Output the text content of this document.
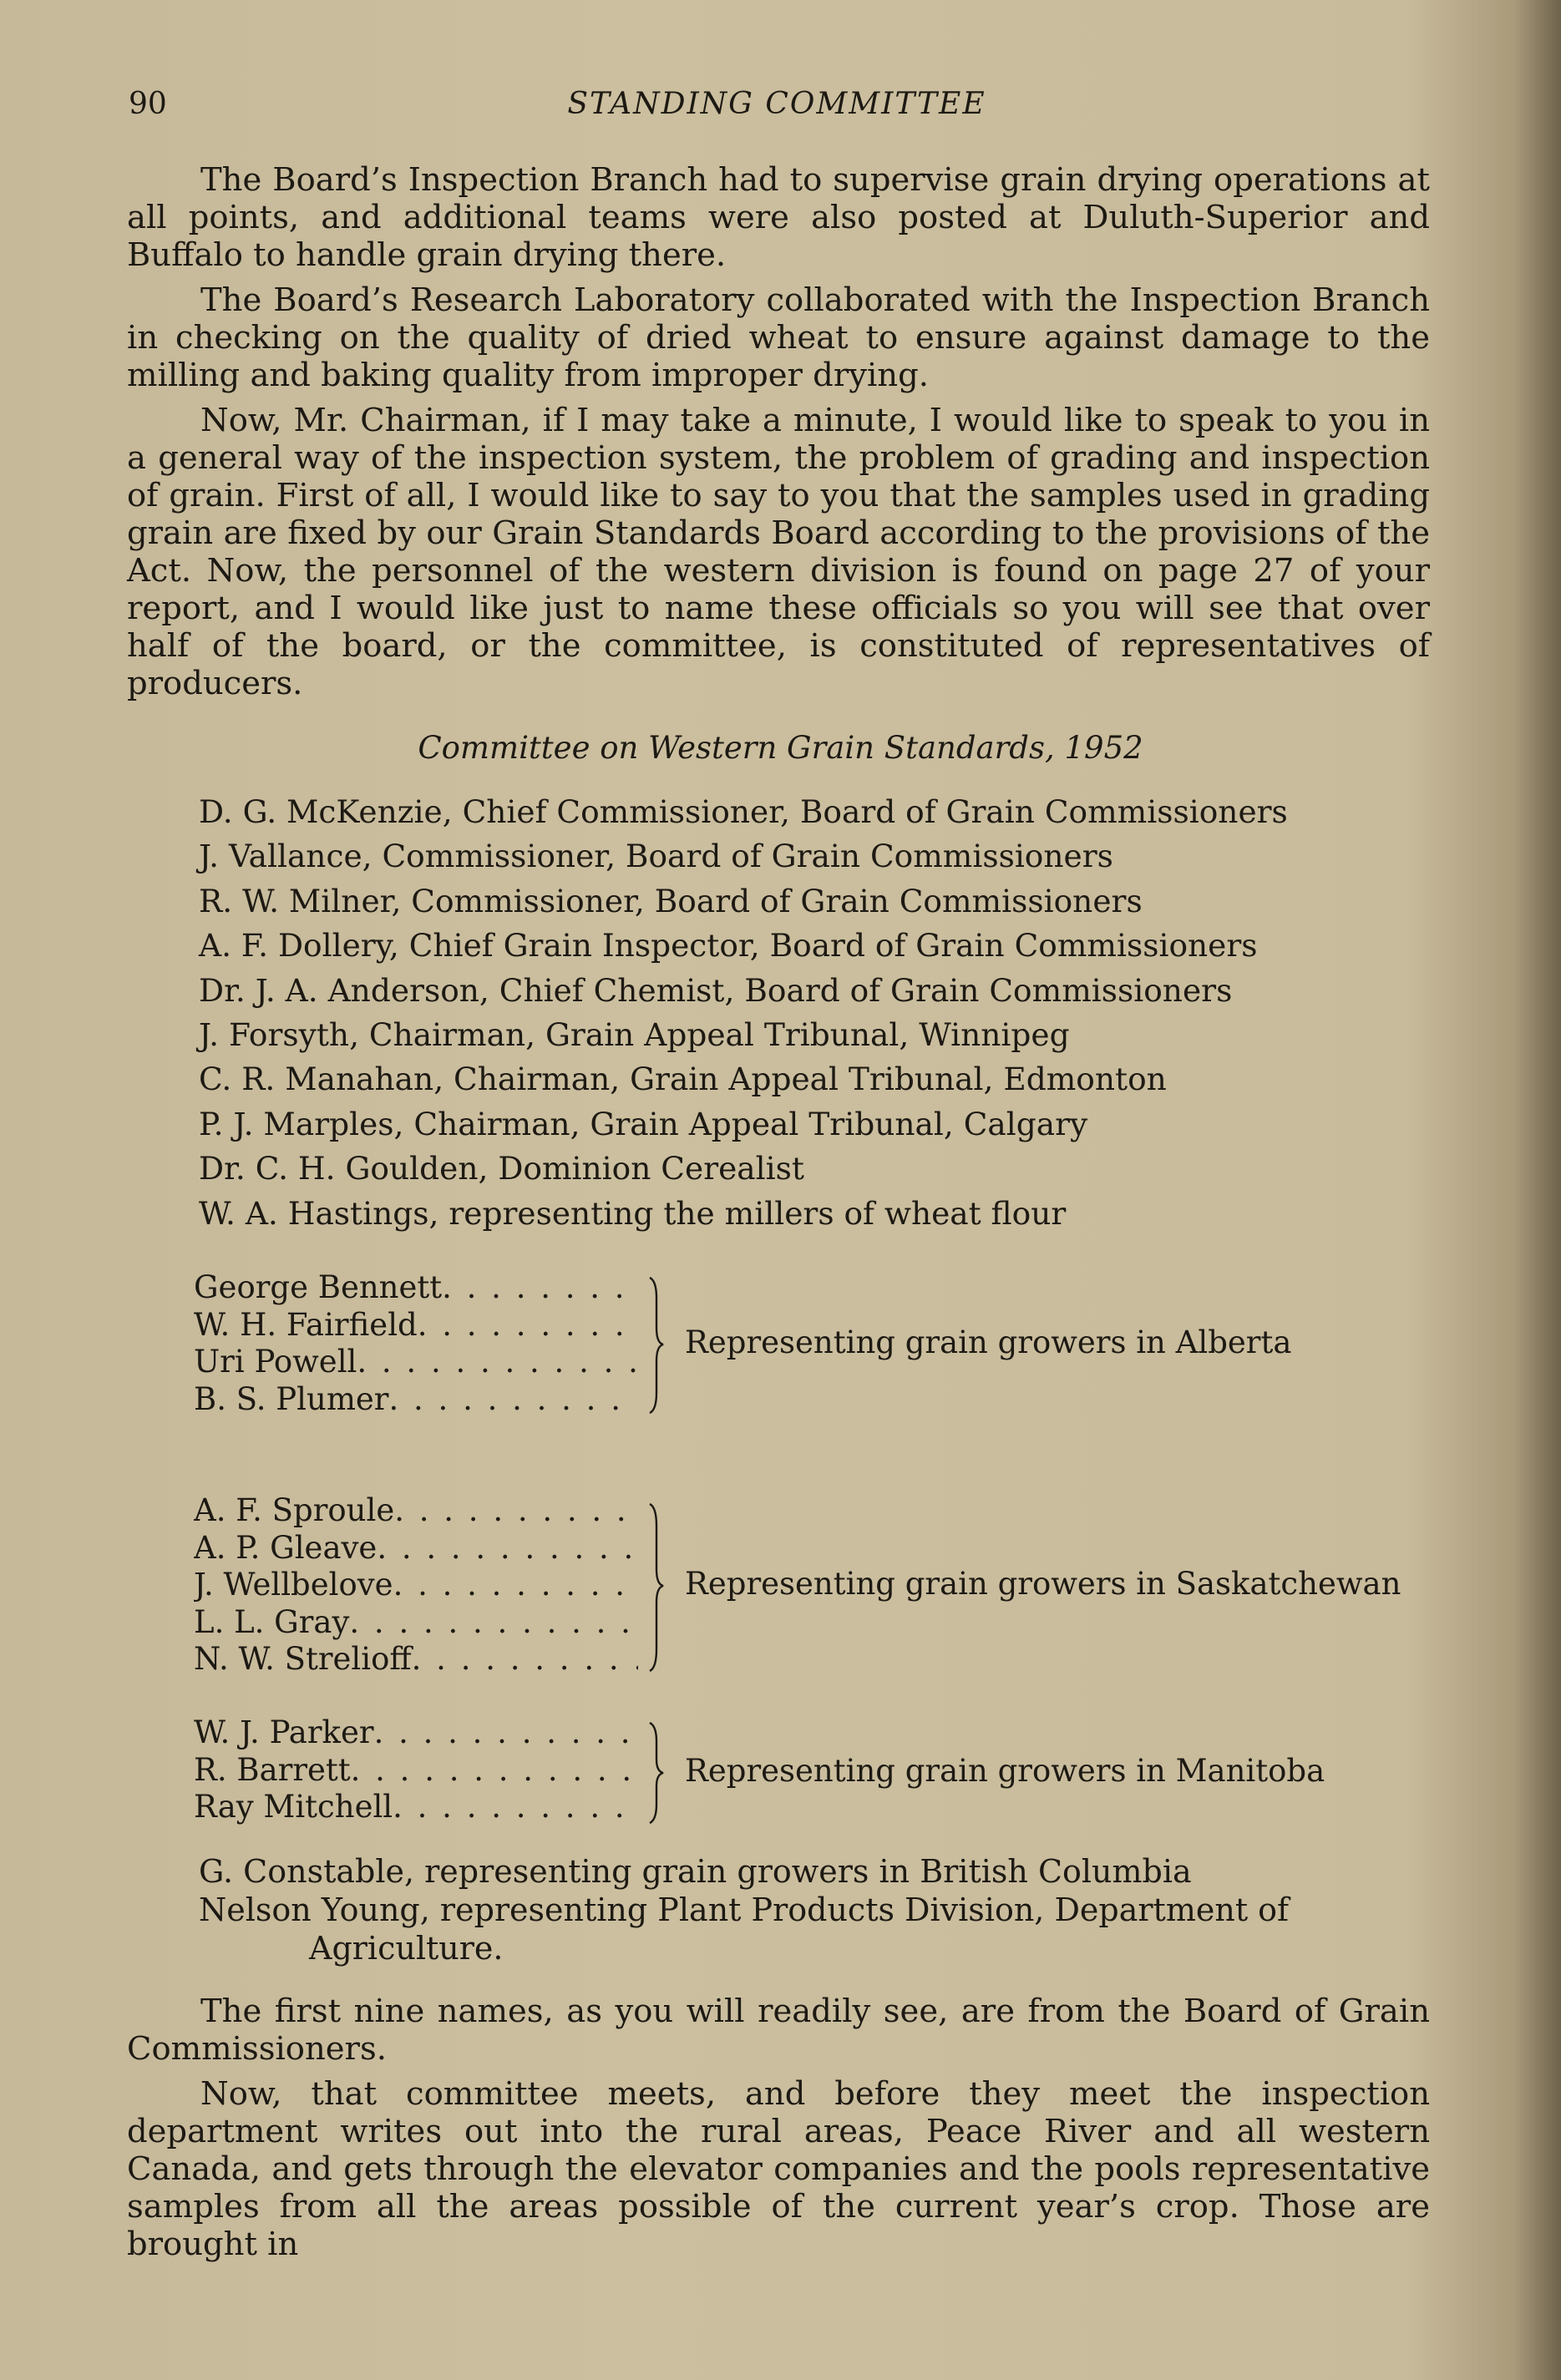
90	STANDING COMMITTEE

The Board’s Inspection Branch had to supervise grain drying operations at all points, and additional teams were also posted at Duluth-Superior and Buffalo to handle grain drying there.

The Board’s Research Laboratory collaborated with the Inspection Branch in checking on the quality of dried wheat to ensure against damage to the milling and baking quality from improper drying.

Now, Mr. Chairman, if I may take a minute, I would like to speak to you in a general way of the inspection system, the problem of grading and inspection of grain. First of all, I would like to say to you that the samples used in grading grain are fixed by our Grain Standards Board according to the provisions of the Act. Now, the personnel of the western division is found on page 27 of your report, and I would like just to name these officials so you will see that over half of the board, or the committee, is constituted of representatives of producers.

Committee on Western Grain Standards, 1952
D. G. McKenzie, Chief Commissioner, Board of Grain Commissioners
J. Vallance, Commissioner, Board of Grain Commissioners
R. W. Milner, Commissioner, Board of Grain Commissioners
A. F. Dollery, Chief Grain Inspector, Board of Grain Commissioners
Dr. J. A. Anderson, Chief Chemist, Board of Grain Commissioners
J. Forsyth, Chairman, Grain Appeal Tribunal, Winnipeg
C. R. Manahan, Chairman, Grain Appeal Tribunal, Edmonton
P. J. Marples, Chairman, Grain Appeal Tribunal, Calgary
Dr. C. H. Goulden, Dominion Cerealist
W. A. Hastings, representing the millers of wheat flour
George Bennett
. . .
W. H. Fairfield
. . .
Uri Powell
. . .
B. S. Plumer
. . .
Representing grain growers in Alberta
A. F. Sproule
. . .
A. P. Gleave
. . .
J. Wellbelove
. . .
L. L. Gray
. . .
N. W. Strelioff
. . .
Representing grain growers in Saskatchewan
W. J. Parker
. . .
R. Barrett
. . .
Ray Mitchell
. . .
Representing grain growers in Manitoba
G. Constable, representing grain growers in British Columbia
Nelson Young, representing Plant Products Division, Department of
Agriculture.

The first nine names, as you will readily see, are from the Board of Grain Commissioners.

Now, that committee meets, and before they meet the inspection department writes out into the rural areas, Peace River and all western Canada, and gets through the elevator companies and the pools representative samples from all the areas possible of the current year’s crop. Those are brought in
